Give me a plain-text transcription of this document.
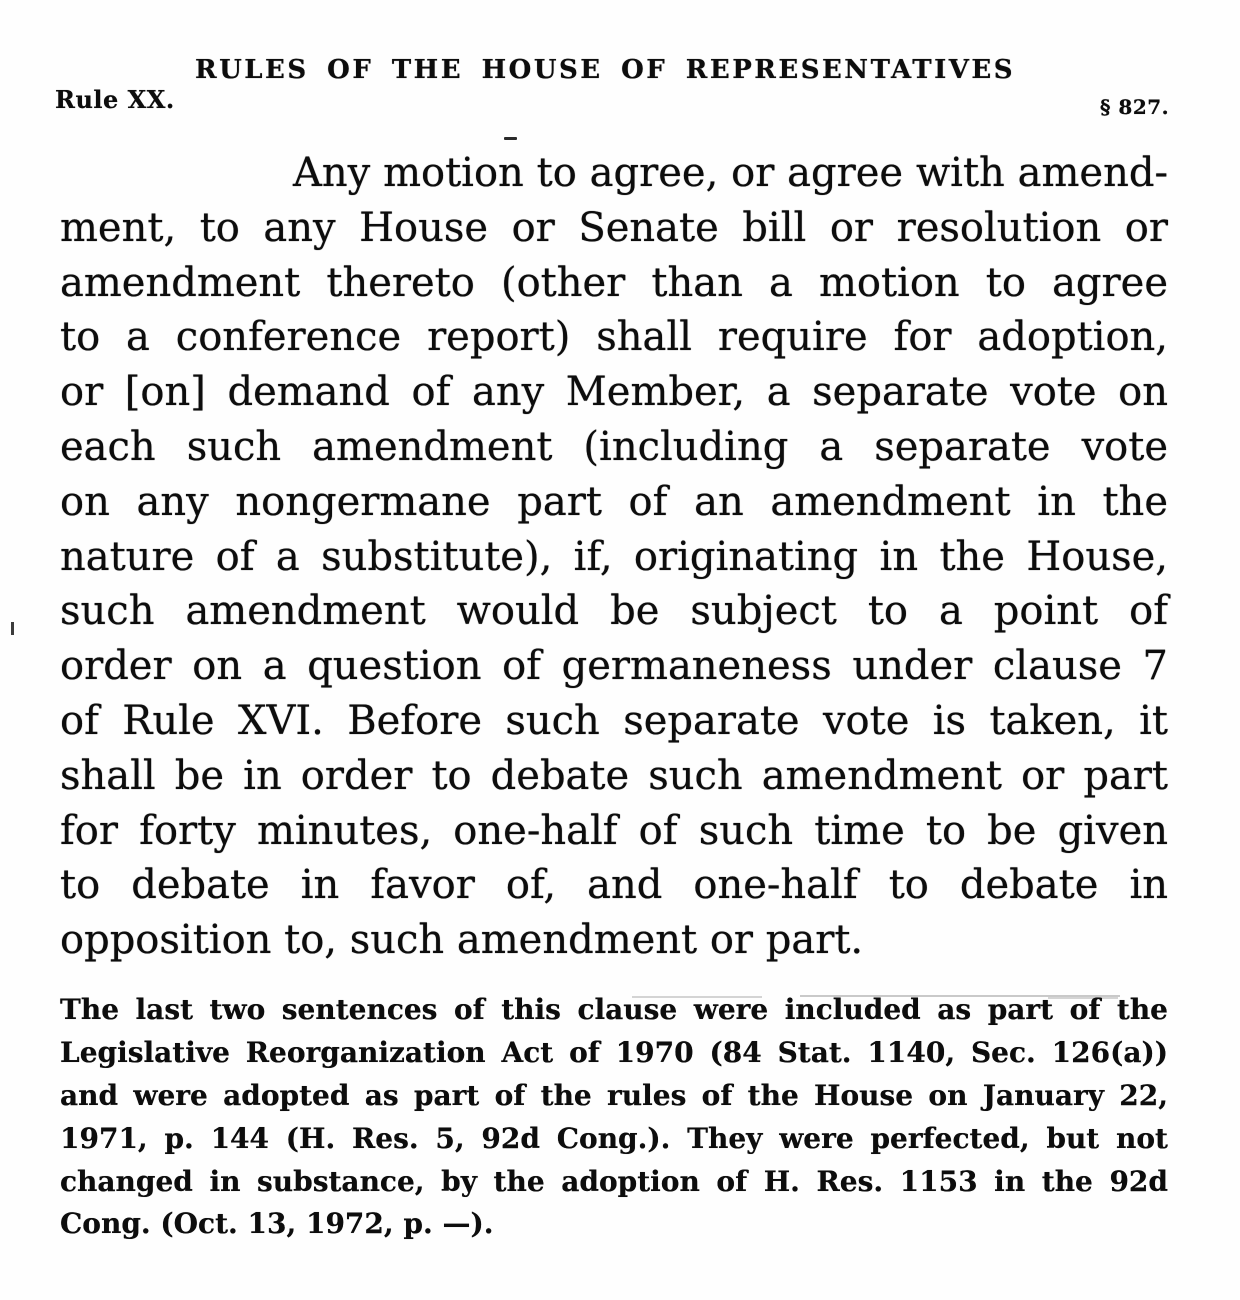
RULES OF THE HOUSE OF REPRESENTATIVES
Rule XX.	§ 827.
Any motion to agree, or agree with amend-
ment, to any House or Senate bill or resolution or
amendment thereto (other than a motion to agree
to a conference report) shall require for adoption,
or [on] demand of any Member, a separate vote on
each such amendment (including a separate vote
on any nongermane part of an amendment in the
nature of a substitute), if, originating in the House,
such amendment would be subject to a point of
order on a question of germaneness under clause 7
of Rule XVI. Before such separate vote is taken, it
shall be in order to debate such amendment or part
for forty minutes, one-half of such time to be given
to debate in favor of, and one-half to debate in
opposition to, such amendment or part.
The last two sentences of this clause were included as part of the
Legislative Reorganization Act of 1970 (84 Stat. 1140, Sec. 126(a))
and were adopted as part of the rules of the House on January 22,
1971, p. 144 (H. Res. 5, 92d Cong.). They were perfected, but not
changed in substance, by the adoption of H. Res. 1153 in the 92d
Cong. (Oct. 13, 1972, p. —).
